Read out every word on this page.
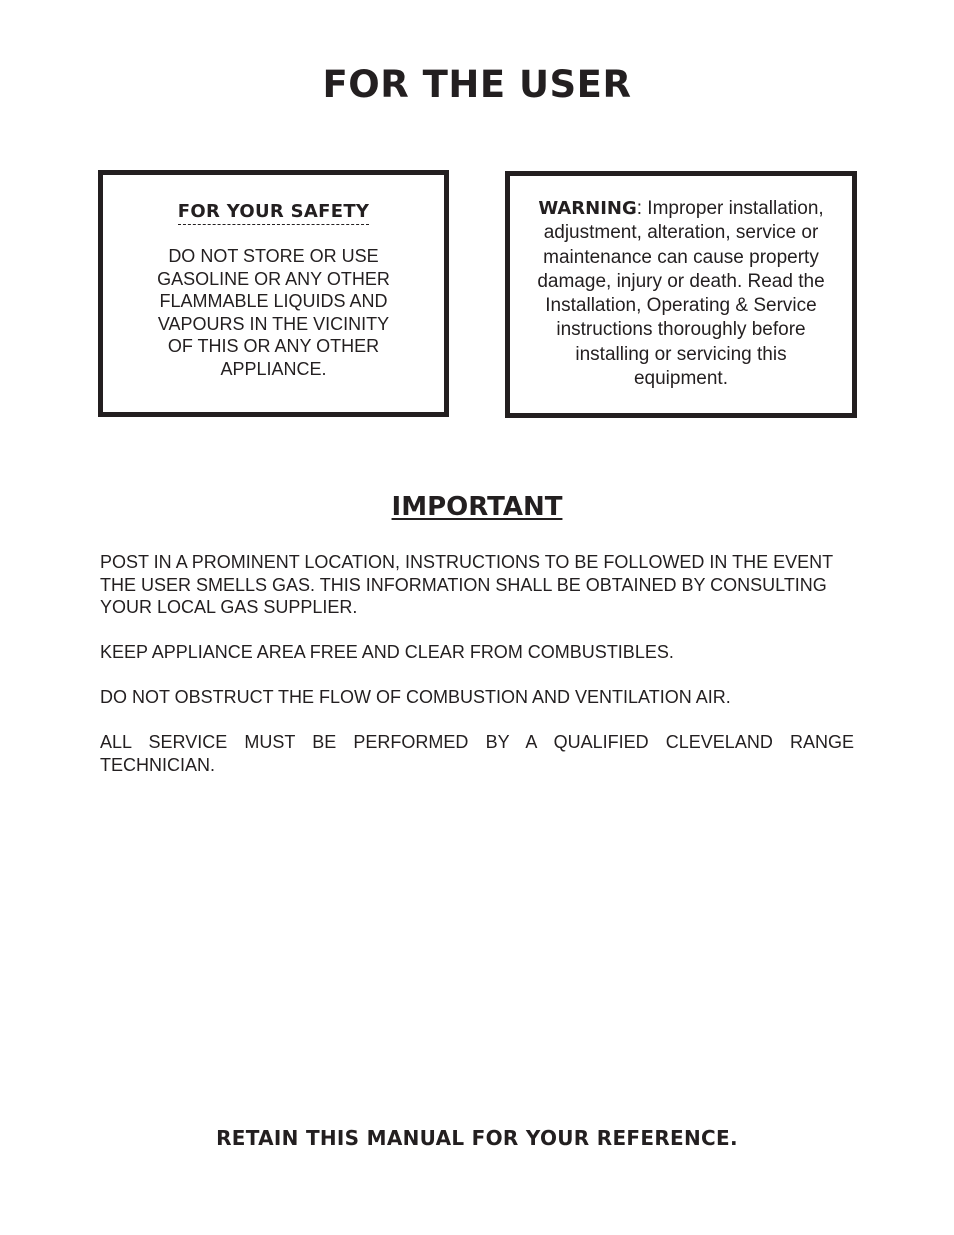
FOR THE USER
FOR YOUR SAFETY
DO NOT STORE OR USE
GASOLINE OR ANY OTHER
FLAMMABLE LIQUIDS AND
VAPOURS IN THE VICINITY
OF THIS OR ANY OTHER
APPLIANCE.
WARNING: Improper installation,
adjustment, alteration, service or
maintenance can cause property
damage, injury or death. Read the
Installation, Operating & Service
instructions thoroughly before
installing or servicing this
equipment.
IMPORTANT

POST IN A PROMINENT LOCATION, INSTRUCTIONS TO BE FOLLOWED IN THE EVENT THE USER SMELLS GAS. THIS INFORMATION SHALL BE OBTAINED BY CONSULTING YOUR LOCAL GAS SUPPLIER.

KEEP APPLIANCE AREA FREE AND CLEAR FROM COMBUSTIBLES.

DO NOT OBSTRUCT THE FLOW OF COMBUSTION AND VENTILATION AIR.

ALL SERVICE MUST BE PERFORMED BY A QUALIFIED CLEVELAND RANGE TECHNICIAN.

RETAIN THIS MANUAL FOR YOUR REFERENCE.
